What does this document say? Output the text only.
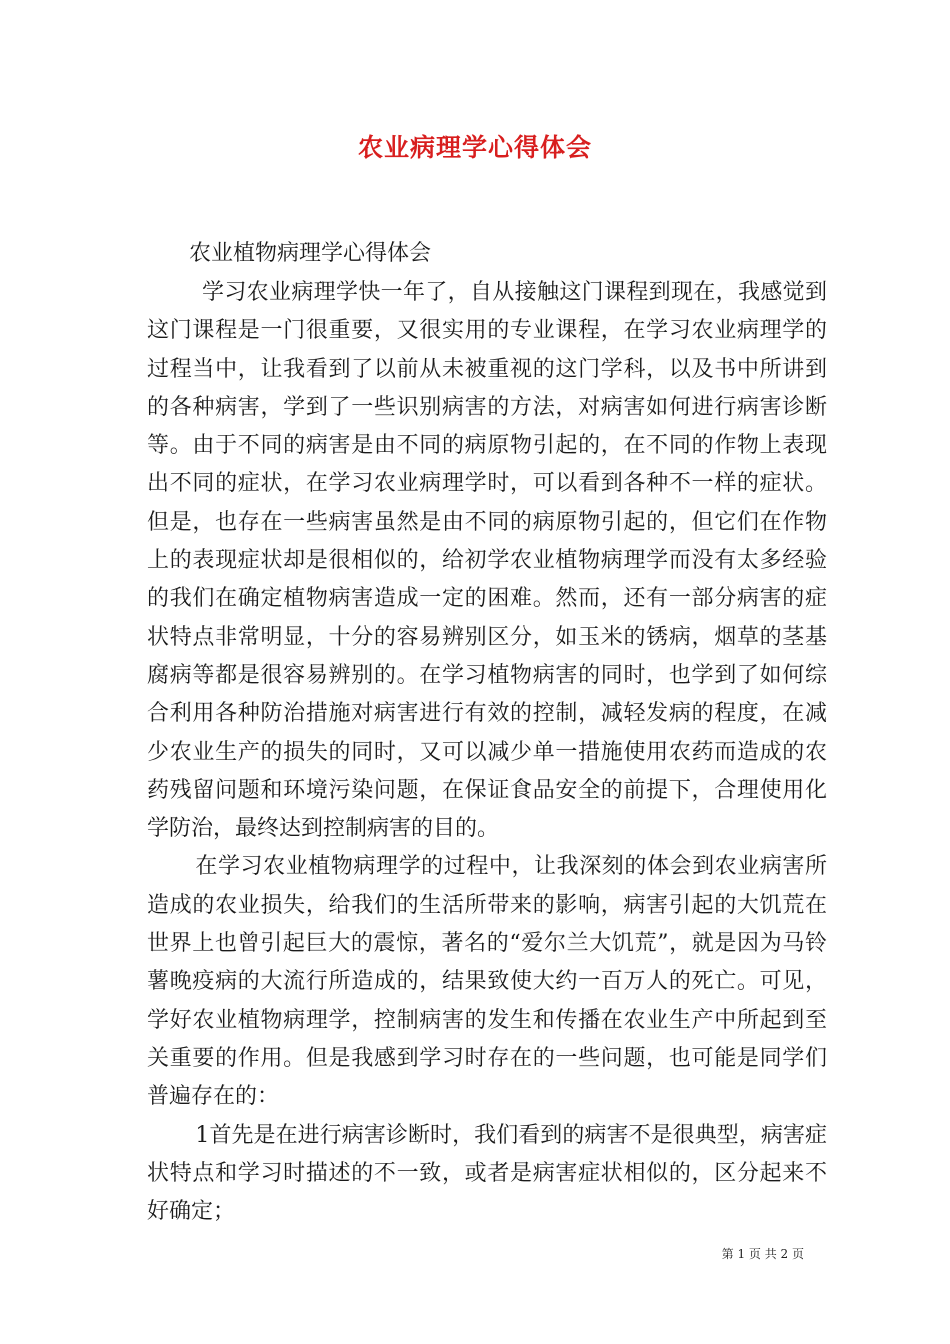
农业病理学心得体会

农业植物病理学心得体会

学习农业病理学快一年了，自从接触这门课程到现在，我感觉到这门课程是一门很重要，又很实用的专业课程，在学习农业病理学的过程当中，让我看到了以前从未被重视的这门学科，以及书中所讲到的各种病害，学到了一些识别病害的方法，对病害如何进行病害诊断等。由于不同的病害是由不同的病原物引起的，在不同的作物上表现出不同的症状，在学习农业病理学时，可以看到各种不一样的症状。但是，也存在一些病害虽然是由不同的病原物引起的，但它们在作物上的表现症状却是很相似的，给初学农业植物病理学而没有太多经验的我们在确定植物病害造成一定的困难。然而，还有一部分病害的症状特点非常明显，十分的容易辨别区分，如玉米的锈病，烟草的茎基腐病等都是很容易辨别的。在学习植物病害的同时，也学到了如何综合利用各种防治措施对病害进行有效的控制，减轻发病的程度，在减少农业生产的损失的同时，又可以减少单一措施使用农药而造成的农药残留问题和环境污染问题，在保证食品安全的前提下，合理使用化学防治，最终达到控制病害的目的。

在学习农业植物病理学的过程中，让我深刻的体会到农业病害所造成的农业损失，给我们的生活所带来的影响，病害引起的大饥荒在世界上也曾引起巨大的震惊，著名的“爱尔兰大饥荒”，就是因为马铃薯晚疫病的大流行所造成的，结果致使大约一百万人的死亡。可见，学好农业植物病理学，控制病害的发生和传播在农业生产中所起到至关重要的作用。但是我感到学习时存在的一些问题，也可能是同学们普遍存在的：

1首先是在进行病害诊断时，我们看到的病害不是很典型，病害症状特点和学习时描述的不一致，或者是病害症状相似的，区分起来不好确定；

第 1 页 共 2 页
